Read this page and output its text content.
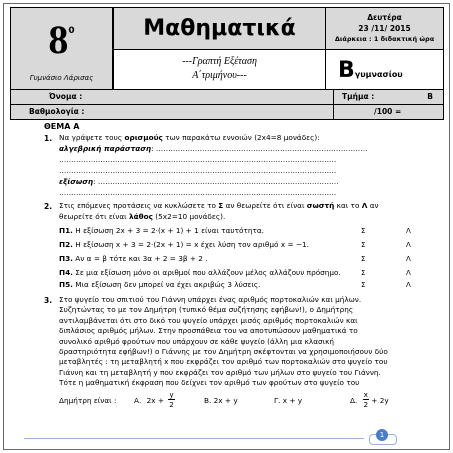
$8^0$
Γυμνάσιο Λάρισας
Μαθηματικά
---Γραπτή Εξέταση
Α΄τριμήνου---
Δευτέρα
23 /11/ 2015
Διάρκεια : 1 διδακτική ώρα
Βγυμνασίου
Όνομα :	Τμήμα :	Β
Βαθμολογία :	/100 =
ΘΕΜΑ Α
1. Να γράψετε τους ορισμούς των παρακάτω εννοιών (2x4=8 μονάδες):
αλγεβρική παράσταση: ……………………………………………………………………………
……………………………………………………………………………………………………
……………………………………………………………………………………………………
εξίσωση: ………………………………………………………………………………………
……………………………………………………………………………………………………
2. Στις επόμενες προτάσεις να κυκλώσετε το Σ αν θεωρείτε ότι είναι σωστή και το Λ αν
θεωρείτε ότι είναι λάθος (5x2=10 μονάδες).
Π1. Η εξίσωση 2x + 3 = 2·(x + 1) + 1 είναι ταυτότητα.	Σ	Λ
Π2. Η εξίσωση x + 3 = 2·(2x + 1) = x έχει λύση τον αριθμό x = −1.	Σ	Λ
Π3. Αν α = β τότε και 3α + 2 = 3β + 2 .	Σ	Λ
Π4. Σε μια εξίσωση μόνο οι αριθμοί που αλλάζουν μέλος αλλάζουν πρόσημο.	Σ	Λ
Π5. Μια εξίσωση δεν μπορεί να έχει ακριβώς 3 λύσεις.	Σ	Λ
3. Στο ψυγείο του σπιτιού του Γιάννη υπάρχει ένας αριθμός πορτοκαλιών και μήλων.
Συζητώντας το με τον Δημήτρη (τυπικό θέμα συζήτησης εφήβων!), ο Δημήτρης
αντιλαμβάνεται ότι στο δικό του ψυγείο υπάρχει μισός αριθμός πορτοκαλιών και
διπλάσιος αριθμός μήλων. Στην προσπάθεια του να αποτυπώσουν μαθηματικά το
συνολικό αριθμό φρούτων που υπάρχουν σε κάθε ψυγείο (άλλη μια κλασική
δραστηριότητα εφήβων!) ο Γιάννης με τον Δημήτρη σκέφτονται να χρησιμοποιήσουν δύο
μεταβλητές : τη μεταβλητή x που εκφράζει τον αριθμό των πορτοκαλιών στο ψυγείο του
Γιάννη και τη μεταβλητή y που εκφράζει τον αριθμό των μήλων στο ψυγείο του Γιάννη.
Τότε η μαθηματική έκφραση που δείχνει τον αριθμό των φρούτων στο ψυγείο του
Δημήτρη είναι : Α. $2x + \frac{y}{2}$	Β. 2x + y	Γ. x + y	Δ. $\frac{x}{2} + 2y$
1
